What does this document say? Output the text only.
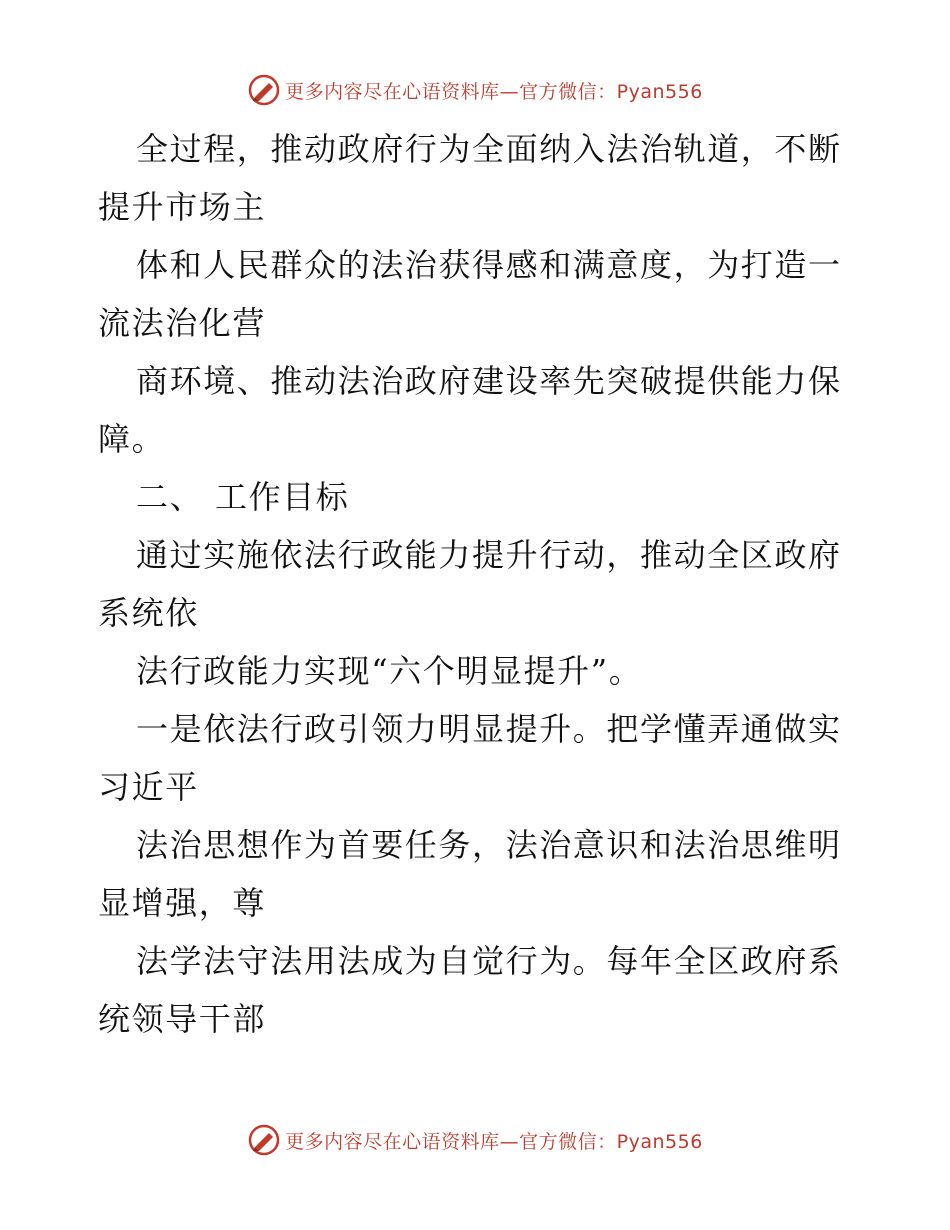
更多内容尽在心语资料库—官方微信：Pyan556
全过程，推动政府行为全面纳入法治轨道，不断
提升市场主
体和人民群众的法治获得感和满意度，为打造一
流法治化营
商环境、推动法治政府建设率先突破提供能力保
障。
二、 工作目标
通过实施依法行政能力提升行动，推动全区政府
系统依
法行政能力实现“六个明显提升”。
一是依法行政引领力明显提升。把学懂弄通做实
习近平
法治思想作为首要任务，法治意识和法治思维明
显增强，尊
法学法守法用法成为自觉行为。每年全区政府系
统领导干部
更多内容尽在心语资料库—官方微信：Pyan556
